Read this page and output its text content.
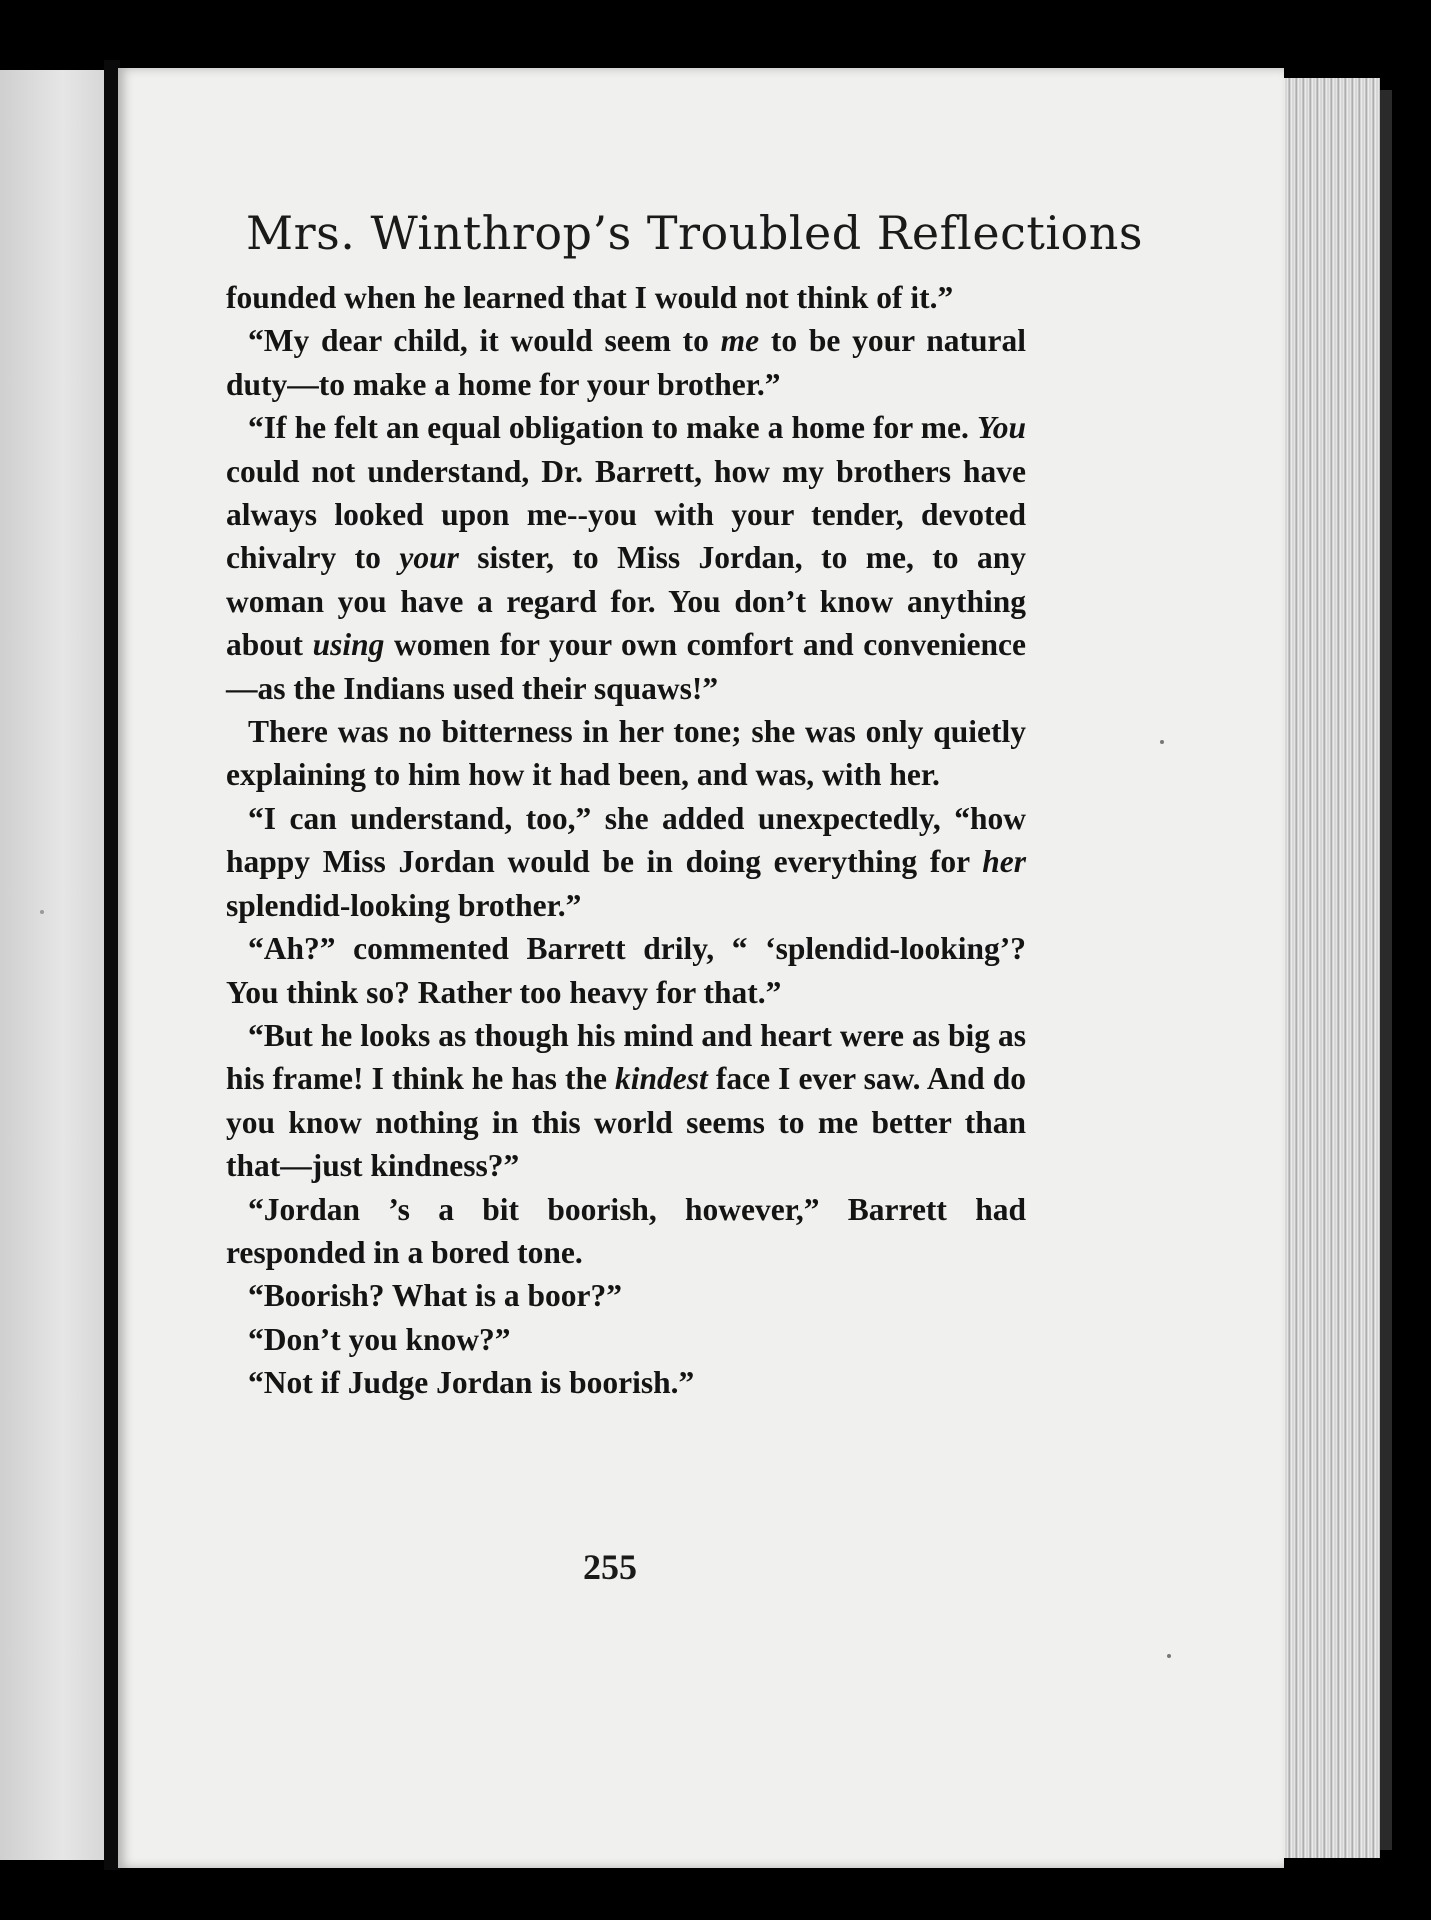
Mrs. Winthrop’s Troubled Reflections

founded when he learned that I would not think of it.”

“My dear child, it would seem to me to be your natural duty—to make a home for your brother.”

“If he felt an equal obligation to make a home for me. You could not understand, Dr. Barrett, how my brothers have always looked upon me--you with your tender, devoted chivalry to your sister, to Miss Jordan, to me, to any woman you have a regard for. You don’t know anything about using women for your own comfort and convenience—as the Indians used their squaws!”

There was no bitterness in her tone; she was only quietly explaining to him how it had been, and was, with her.

“I can understand, too,” she added unexpectedly, “how happy Miss Jordan would be in doing everything for her splendid-looking brother.”

“Ah?” commented Barrett drily, “ ‘splendid-looking’? You think so? Rather too heavy for that.”

“But he looks as though his mind and heart were as big as his frame! I think he has the kindest face I ever saw. And do you know nothing in this world seems to me better than that—just kindness?”

“Jordan ’s a bit boorish, however,” Barrett had responded in a bored tone.

“Boorish? What is a boor?”

“Don’t you know?”

“Not if Judge Jordan is boorish.”

255
